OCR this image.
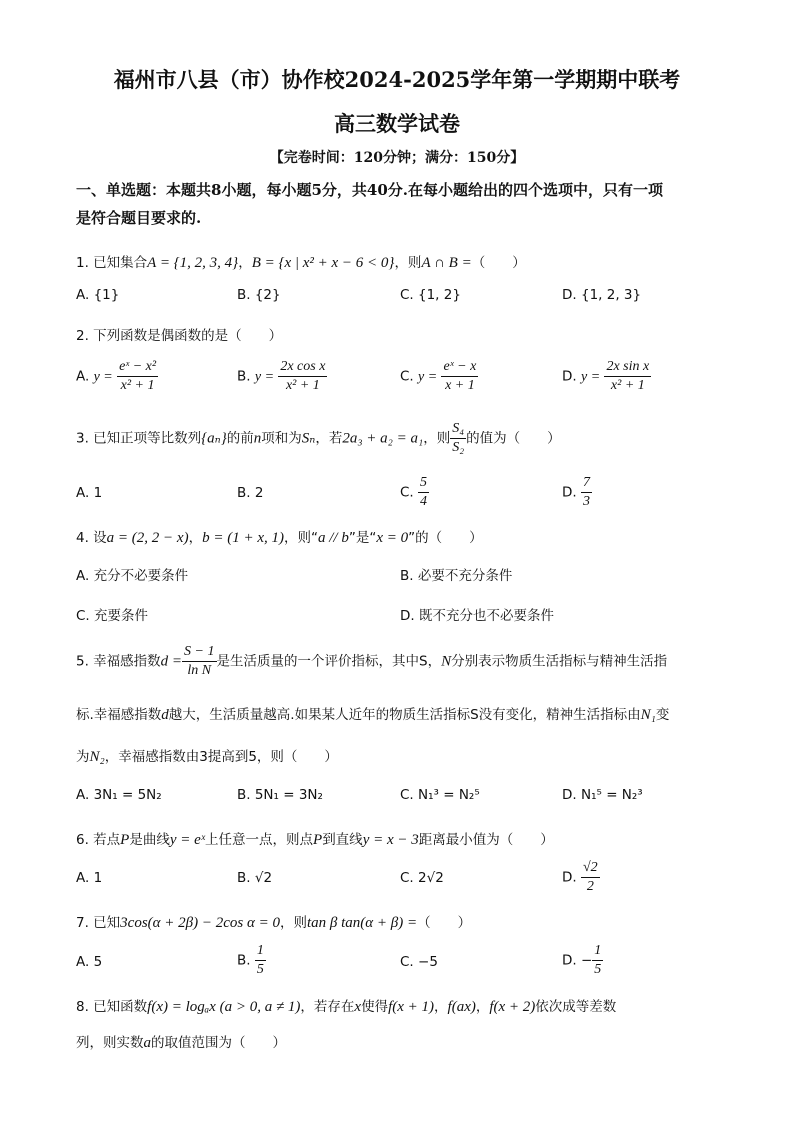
福州市八县（市）协作校2024-2025学年第一学期期中联考
高三数学试卷
【完卷时间：120分钟；满分：150分】
一、单选题：本题共8小题，每小题5分，共40分.在每小题给出的四个选项中，只有一项
是符合题目要求的.
1. 已知集合A = {1, 2, 3, 4}，B = {x | x² + x − 6 < 0}，则A ∩ B =（　　）
A. {1}	B. {2}	C. {1, 2}	D. {1, 2, 3}
2. 下列函数是偶函数的是（　　）
A. $y = \frac{\text{eˣ − x²}}{\text{x² + 1}}$	B. $y = \frac{\text{2x cos x}}{\text{x² + 1}}$	C. $y = \frac{\text{eˣ − x}}{x + 1}$	D. $y = \frac{\text{2x sin x}}{\text{x² + 1}}$
3. 已知正项等比数列{aₙ}的前n项和为Sₙ，若2a₃ + a₂ = a₁，则 $\frac{\text{S₄}}{\text{S₂}}$ 的值为（　　）
A. 1	B. 2	C. $\frac{5}{4}$	D. $\frac{7}{3}$
4. 设a = (2, 2 − x)，b = (1 + x, 1)，则“a // b”是“x = 0”的（　　）
A. 充分不必要条件	B. 必要不充分条件
C. 充要条件	D. 既不充分也不必要条件
5. 幸福感指数$d = \frac{S - 1}{\text{ln N}}$ 是生活质量的一个评价指标，其中S，N分别表示物质生活指标与精神生活指
标.幸福感指数d越大，生活质量越高.如果某人近年的物质生活指标S没有变化，精神生活指标由N₁变
为N₂，幸福感指数由3提高到5，则（　　）
A. 3N₁ = 5N₂	B. 5N₁ = 3N₂	C. N₁³ = N₂⁵	D. N₁⁵ = N₂³
6. 若点P是曲线y = eˣ上任意一点，则点P到直线y = x − 3距离最小值为（　　）
A. 1	B. √2	C. 2√2	D. $\frac{√2}{2}$
7. 已知3cos(α + 2β) − 2cos α = 0，则tan β tan(α + β) =（　　）
A. 5	B. $\frac{1}{5}$	C. −5	D. − $\frac{1}{5}$
8. 已知函数f(x) = logₐx (a > 0, a ≠ 1)，若存在x使得f(x + 1)，f(ax)，f(x + 2)依次成等差数
列，则实数a的取值范围为（　　）
